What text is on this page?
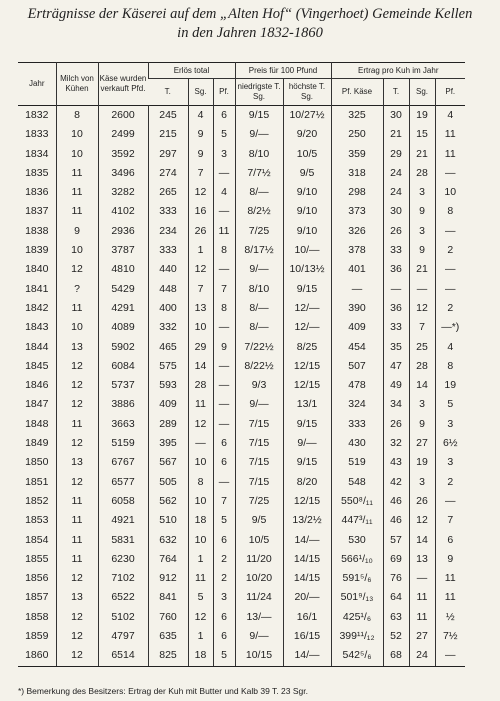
Erträgnisse der Käserei auf dem „Alten Hof“ (Vingerhoet) Gemeinde Kellen
in den Jahren 1832-1860
Jahr	Milch von Kühen	Käse wurden verkauft Pfd.	Erlös total			Preis für 100 Pfund		Ertrag pro Kuh im Jahr			
			T.	Sg.	Pf.	niedrigste T. Sg.	höchste T. Sg.	Pf. Käse	T.	Sg.	Pf.
1832	8	2600	245	4	6	9/15	10/27½	325	30	19	4
1833	10	2499	215	9	5	9/—	9/20	250	21	15	11
1834	10	3592	297	9	3	8/10	10/5	359	29	21	11
1835	11	3496	274	7	—	7/7½	9/5	318	24	28	—
1836	11	3282	265	12	4	8/—	9/10	298	24	3	10
1837	11	4102	333	16	—	8/2½	9/10	373	30	9	8
1838	9	2936	234	26	11	7/25	9/10	326	26	3	—
1839	10	3787	333	1	8	8/17½	10/—	378	33	9	2
1840	12	4810	440	12	—	9/—	10/13½	401	36	21	—
1841	?	5429	448	7	7	8/10	9/15	—	—	—	—
1842	11	4291	400	13	8	8/—	12/—	390	36	12	2
1843	10	4089	332	10	—	8/—	12/—	409	33	7	—*)
1844	13	5902	465	29	9	7/22½	8/25	454	35	25	4
1845	12	6084	575	14	—	8/22½	12/15	507	47	28	8
1846	12	5737	593	28	—	9/3	12/15	478	49	14	19
1847	12	3886	409	11	—	9/—	13/1	324	34	3	5
1848	11	3663	289	12	—	7/15	9/15	333	26	9	3
1849	12	5159	395	—	6	7/15	9/—	430	32	27	6½
1850	13	6767	567	10	6	7/15	9/15	519	43	19	3
1851	12	6577	505	8	—	7/15	8/20	548	42	3	2
1852	11	6058	562	10	7	7/25	12/15	550⁸/₁₁	46	26	—
1853	11	4921	510	18	5	9/5	13/2½	447³/₁₁	46	12	7
1854	11	5831	632	10	6	10/5	14/—	530	57	14	6
1855	11	6230	764	1	2	11/20	14/15	566¹/₁₀	69	13	9
1856	12	7102	912	11	2	10/20	14/15	591⁵/₆	76	—	11
1857	13	6522	841	5	3	11/24	20/—	501⁹/₁₃	64	11	11
1858	12	5102	760	12	6	13/—	16/1	425¹/₆	63	11	½
1859	12	4797	635	1	6	9/—	16/15	399¹¹/₁₂	52	27	7½
1860	12	6514	825	18	5	10/15	14/—	542⁵/₆	68	24	—
*) Bemerkung des Besitzers: Ertrag der Kuh mit Butter und Kalb 39 T. 23 Sgr.
